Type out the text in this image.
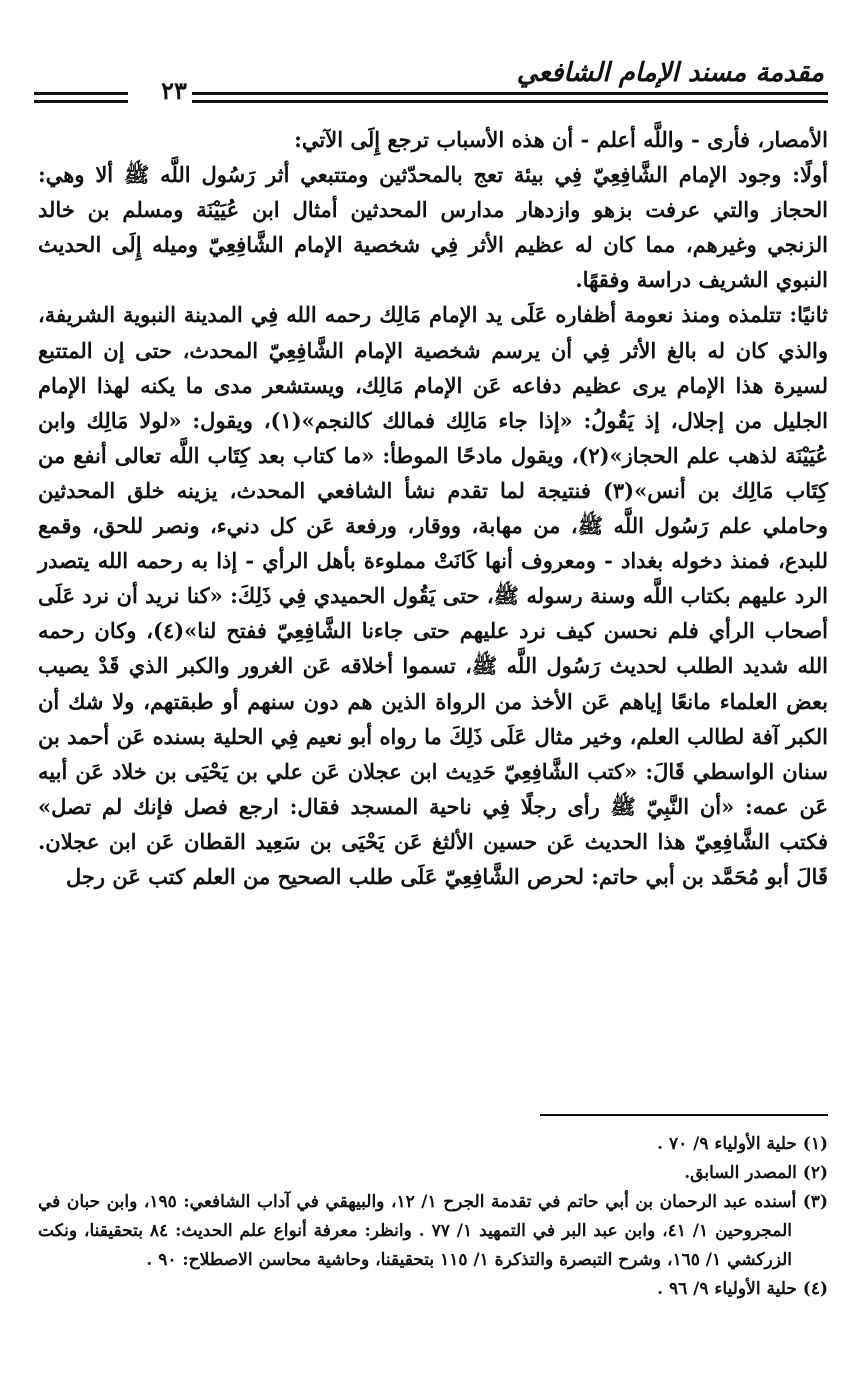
مقدمة مسند الإمام الشافعي
٢٣

الأمصار، فأرى - واللَّه أعلم - أن هذه الأسباب ترجع إِلَى الآتي:

أولًا: وجود الإمام الشَّافِعِيّ فِي بيئة تعج بالمحدّثين ومتتبعي أثر رَسُول اللَّه ﷺ ألا وهي: الحجاز والتي عرفت بزهو وازدهار مدارس المحدثين أمثال ابن عُيَيْنَة ومسلم بن خالد الزنجي وغيرهم، مما كان له عظيم الأثر فِي شخصية الإمام الشَّافِعِيّ وميله إِلَى الحديث النبوي الشريف دراسة وفقهًا.

ثانيًا: تتلمذه ومنذ نعومة أظفاره عَلَى يد الإمام مَالِك رحمه الله فِي المدينة النبوية الشريفة، والذي كان له بالغ الأثر فِي أن يرسم شخصية الإمام الشَّافِعِيّ المحدث، حتى إن المتتبع لسيرة هذا الإمام يرى عظيم دفاعه عَن الإمام مَالِك، ويستشعر مدى ما يكنه لهذا الإمام الجليل من إجلال، إذ يَقُولُ: «إذا جاء مَالِك فمالك كالنجم»(١)، ويقول: «لولا مَالِك وابن عُيَيْنَة لذهب علم الحجاز»(٢)، ويقول مادحًا الموطأ: «ما كتاب بعد كِتَاب اللَّه تعالى أنفع من كِتَاب مَالِك بن أنس»(٣) فنتيجة لما تقدم نشأ الشافعي المحدث، يزينه خلق المحدثين وحاملي علم رَسُول اللَّه ﷺ، من مهابة، ووقار، ورفعة عَن كل دنيء، ونصر للحق، وقمع للبدع، فمنذ دخوله بغداد - ومعروف أنها كَانَتْ مملوءة بأهل الرأي - إذا به رحمه الله يتصدر الرد عليهم بكتاب اللَّه وسنة رسوله ﷺ، حتى يَقُول الحميدي فِي ذَلِكَ: «كنا نريد أن نرد عَلَى أصحاب الرأي فلم نحسن كيف نرد عليهم حتى جاءنا الشَّافِعِيّ ففتح لنا»(٤)، وكان رحمه الله شديد الطلب لحديث رَسُول اللَّه ﷺ، تسموا أخلاقه عَن الغرور والكبر الذي قَدْ يصيب بعض العلماء مانعًا إياهم عَن الأخذ من الرواة الذين هم دون سنهم أو طبقتهم، ولا شك أن الكبر آفة لطالب العلم، وخير مثال عَلَى ذَلِكَ ما رواه أبو نعيم فِي الحلية بسنده عَن أحمد بن سنان الواسطي قَالَ: «كتب الشَّافِعِيّ حَدِيث ابن عجلان عَن علي بن يَحْيَى بن خلاد عَن أبيه عَن عمه: «أن النَّبِيّ ﷺ رأى رجلًا فِي ناحية المسجد فقال: ارجع فصل فإنك لم تصل» فكتب الشَّافِعِيّ هذا الحديث عَن حسين الألثغ عَن يَحْيَى بن سَعِيد القطان عَن ابن عجلان. قَالَ أبو مُحَمَّد بن أبي حاتم: لحرص الشَّافِعِيّ عَلَى طلب الصحيح من العلم كتب عَن رجل

(١) حلية الأولياء ٩/ ٧٠ .

(٢) المصدر السابق.

(٣) أسنده عبد الرحمان بن أبي حاتم في تقدمة الجرح ١/ ١٢، والبيهقي في آداب الشافعي: ١٩٥، وابن حبان في المجروحين ١/ ٤١، وابن عبد البر في التمهيد ١/ ٧٧ . وانظر: معرفة أنواع علم الحديث: ٨٤ بتحقيقنا، ونكت الزركشي ١/ ١٦٥، وشرح التبصرة والتذكرة ١/ ١١٥ بتحقيقنا، وحاشية محاسن الاصطلاح: ٩٠ .

(٤) حلية الأولياء ٩/ ٩٦ .
